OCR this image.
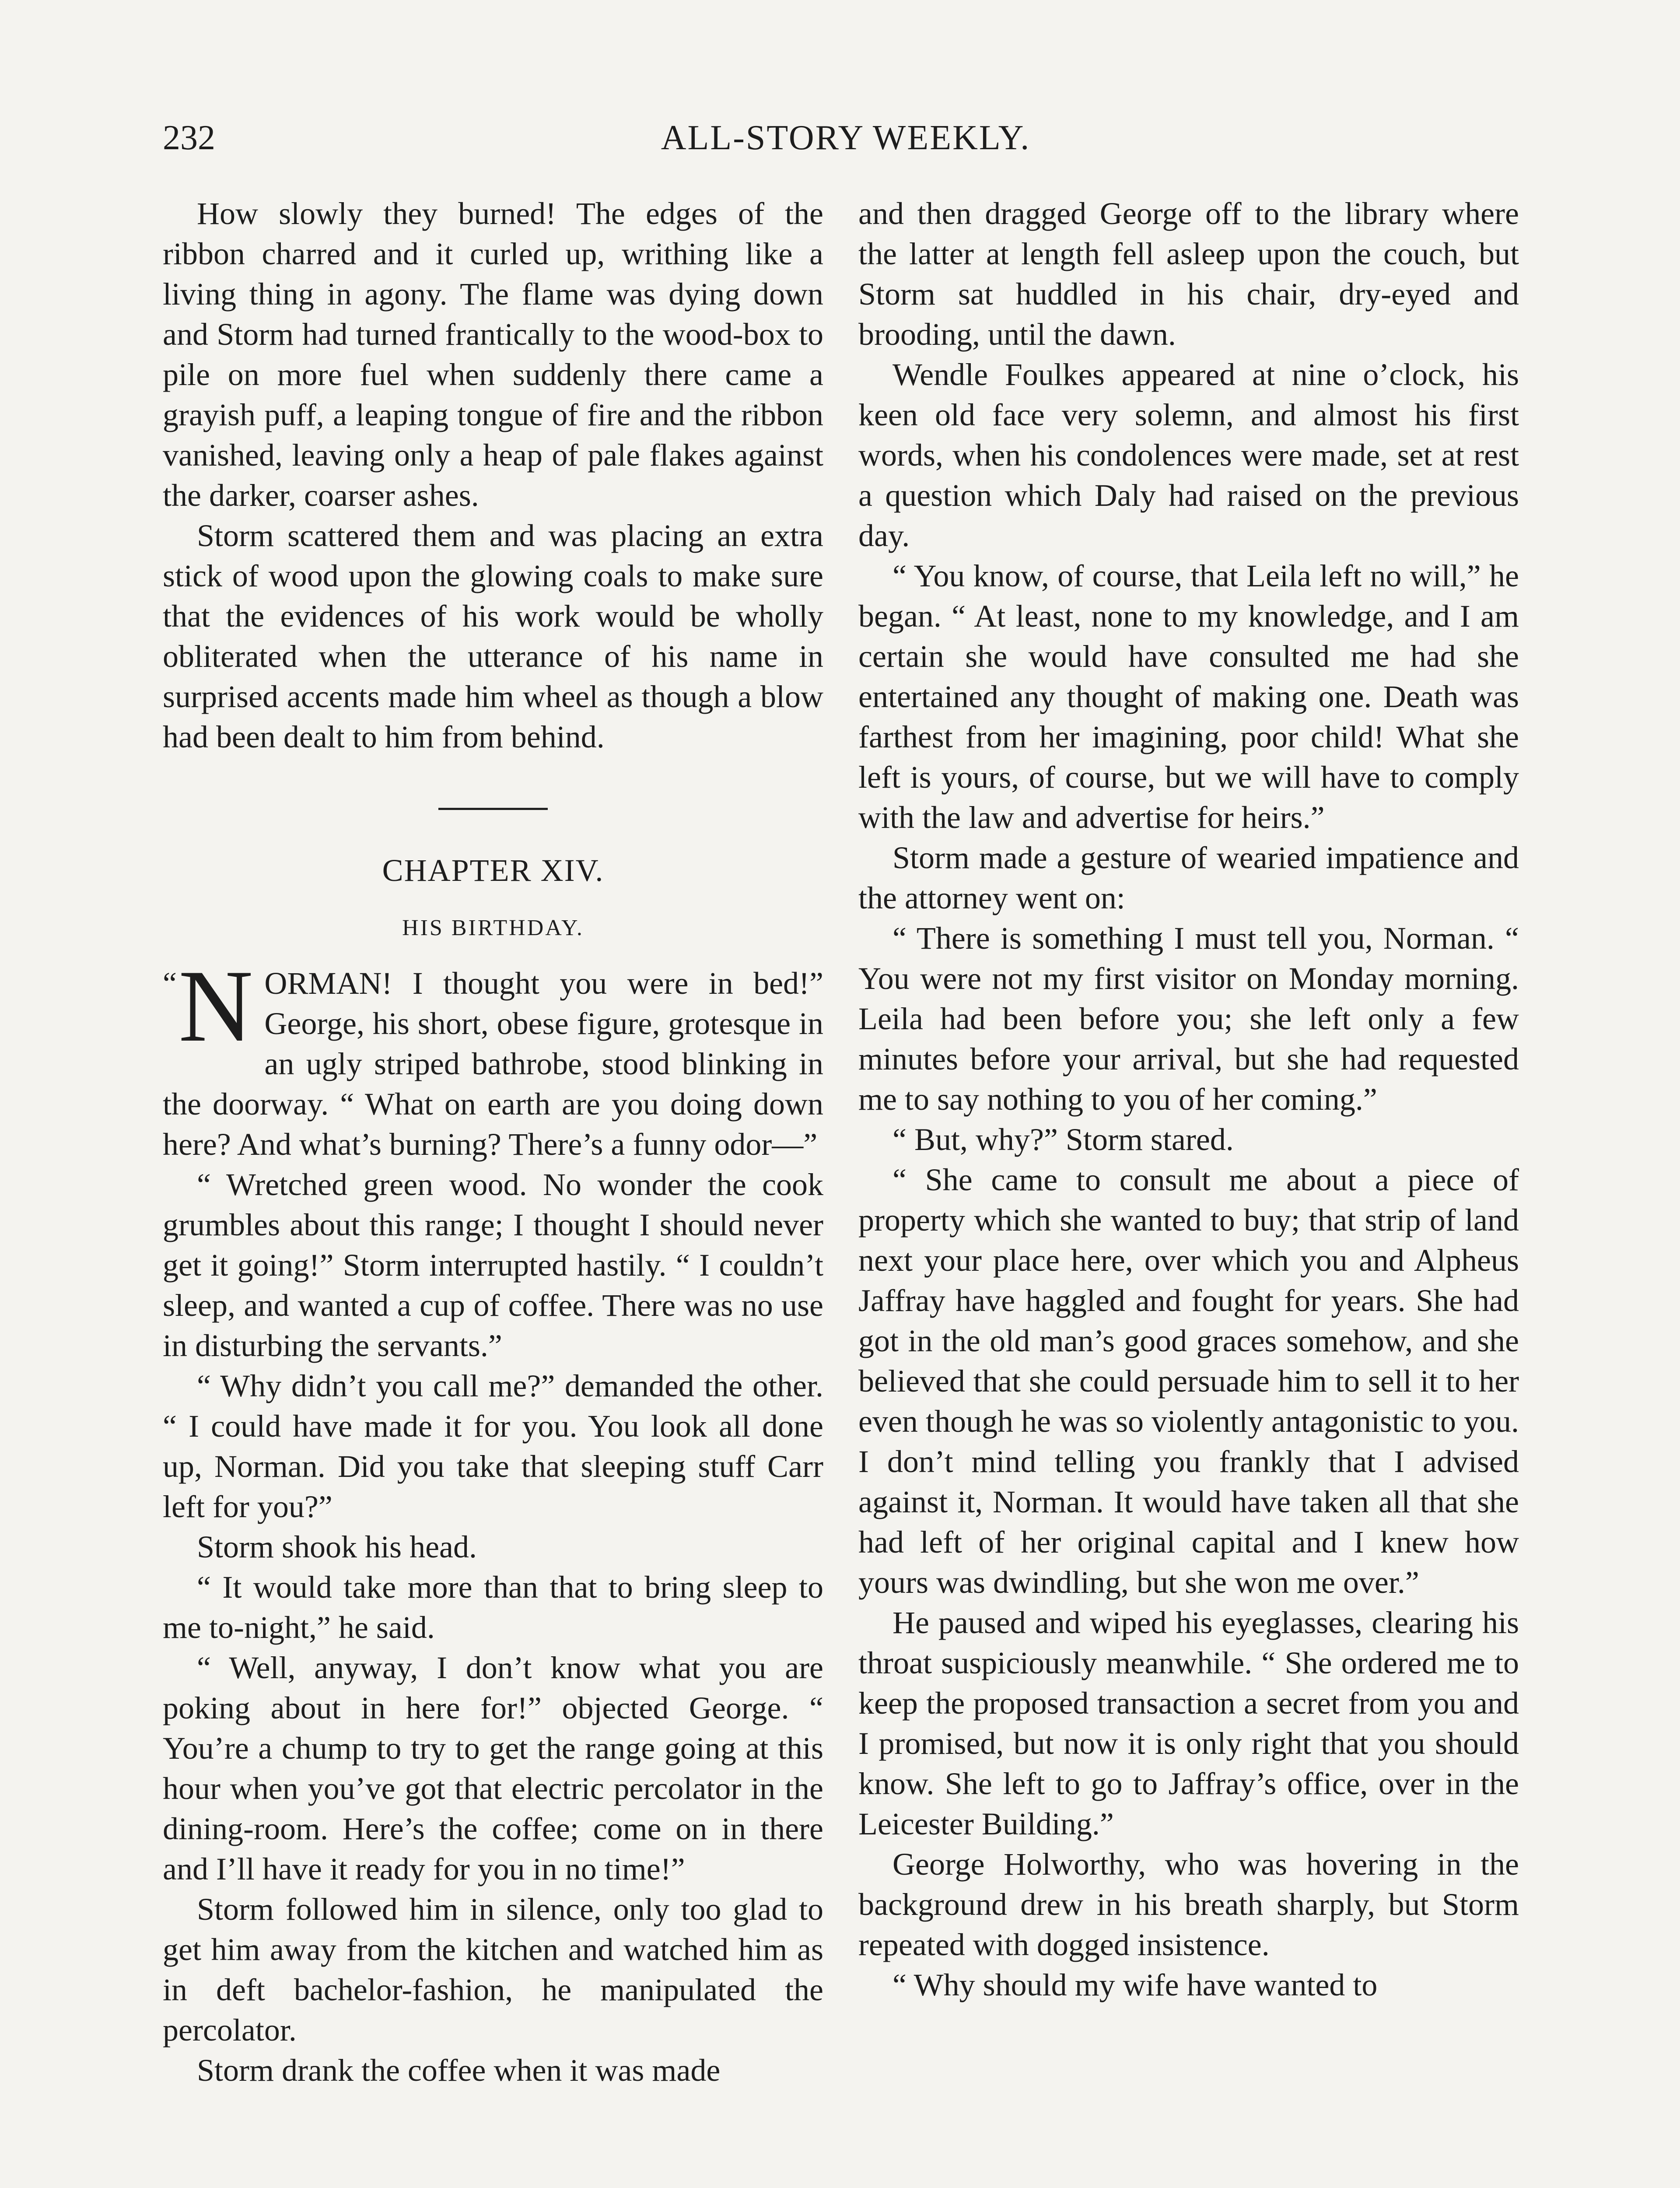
232	ALL-STORY WEEKLY.

How slowly they burned! The edges of the ribbon charred and it curled up, writhing like a living thing in agony. The flame was dying down and Storm had turned frantically to the wood-box to pile on more fuel when suddenly there came a grayish puff, a leaping tongue of fire and the ribbon vanished, leaving only a heap of pale flakes against the darker, coarser ashes.

Storm scattered them and was placing an extra stick of wood upon the glowing coals to make sure that the evidences of his work would be wholly obliterated when the utterance of his name in surprised accents made him wheel as though a blow had been dealt to him from behind.

CHAPTER XIV.
HIS BIRTHDAY.

“ N ORMAN! I thought you were in bed!” George, his short, obese figure, grotesque in an ugly striped bathrobe, stood blinking in the doorway. “ What on earth are you doing down here? And what’s burning? There’s a funny odor—”

“ Wretched green wood. No wonder the cook grumbles about this range; I thought I should never get it going!” Storm interrupted hastily. “ I couldn’t sleep, and wanted a cup of coffee. There was no use in disturbing the servants.”

“ Why didn’t you call me?” demanded the other. “ I could have made it for you. You look all done up, Norman. Did you take that sleeping stuff Carr left for you?”

Storm shook his head.

“ It would take more than that to bring sleep to me to-night,” he said.

“ Well, anyway, I don’t know what you are poking about in here for!” objected George. “ You’re a chump to try to get the range going at this hour when you’ve got that electric percolator in the dining-room. Here’s the coffee; come on in there and I’ll have it ready for you in no time!”

Storm followed him in silence, only too glad to get him away from the kitchen and watched him as in deft bachelor-fashion, he manipulated the percolator.

Storm drank the coffee when it was made

and then dragged George off to the library where the latter at length fell asleep upon the couch, but Storm sat huddled in his chair, dry-eyed and brooding, until the dawn.

Wendle Foulkes appeared at nine o’clock, his keen old face very solemn, and almost his first words, when his condolences were made, set at rest a question which Daly had raised on the previous day.

“ You know, of course, that Leila left no will,” he began. “ At least, none to my knowledge, and I am certain she would have consulted me had she entertained any thought of making one. Death was farthest from her imagining, poor child! What she left is yours, of course, but we will have to comply with the law and advertise for heirs.”

Storm made a gesture of wearied impatience and the attorney went on:

“ There is something I must tell you, Norman. “ You were not my first visitor on Monday morning. Leila had been before you; she left only a few minutes before your arrival, but she had requested me to say nothing to you of her coming.”

“ But, why?” Storm stared.

“ She came to consult me about a piece of property which she wanted to buy; that strip of land next your place here, over which you and Alpheus Jaffray have haggled and fought for years. She had got in the old man’s good graces somehow, and she believed that she could persuade him to sell it to her even though he was so violently antagonistic to you. I don’t mind telling you frankly that I advised against it, Norman. It would have taken all that she had left of her original capital and I knew how yours was dwindling, but she won me over.”

He paused and wiped his eyeglasses, clearing his throat suspiciously meanwhile. “ She ordered me to keep the proposed transaction a secret from you and I promised, but now it is only right that you should know. She left to go to Jaffray’s office, over in the Leicester Building.”

George Holworthy, who was hovering in the background drew in his breath sharply, but Storm repeated with dogged insistence.

“ Why should my wife have wanted to
